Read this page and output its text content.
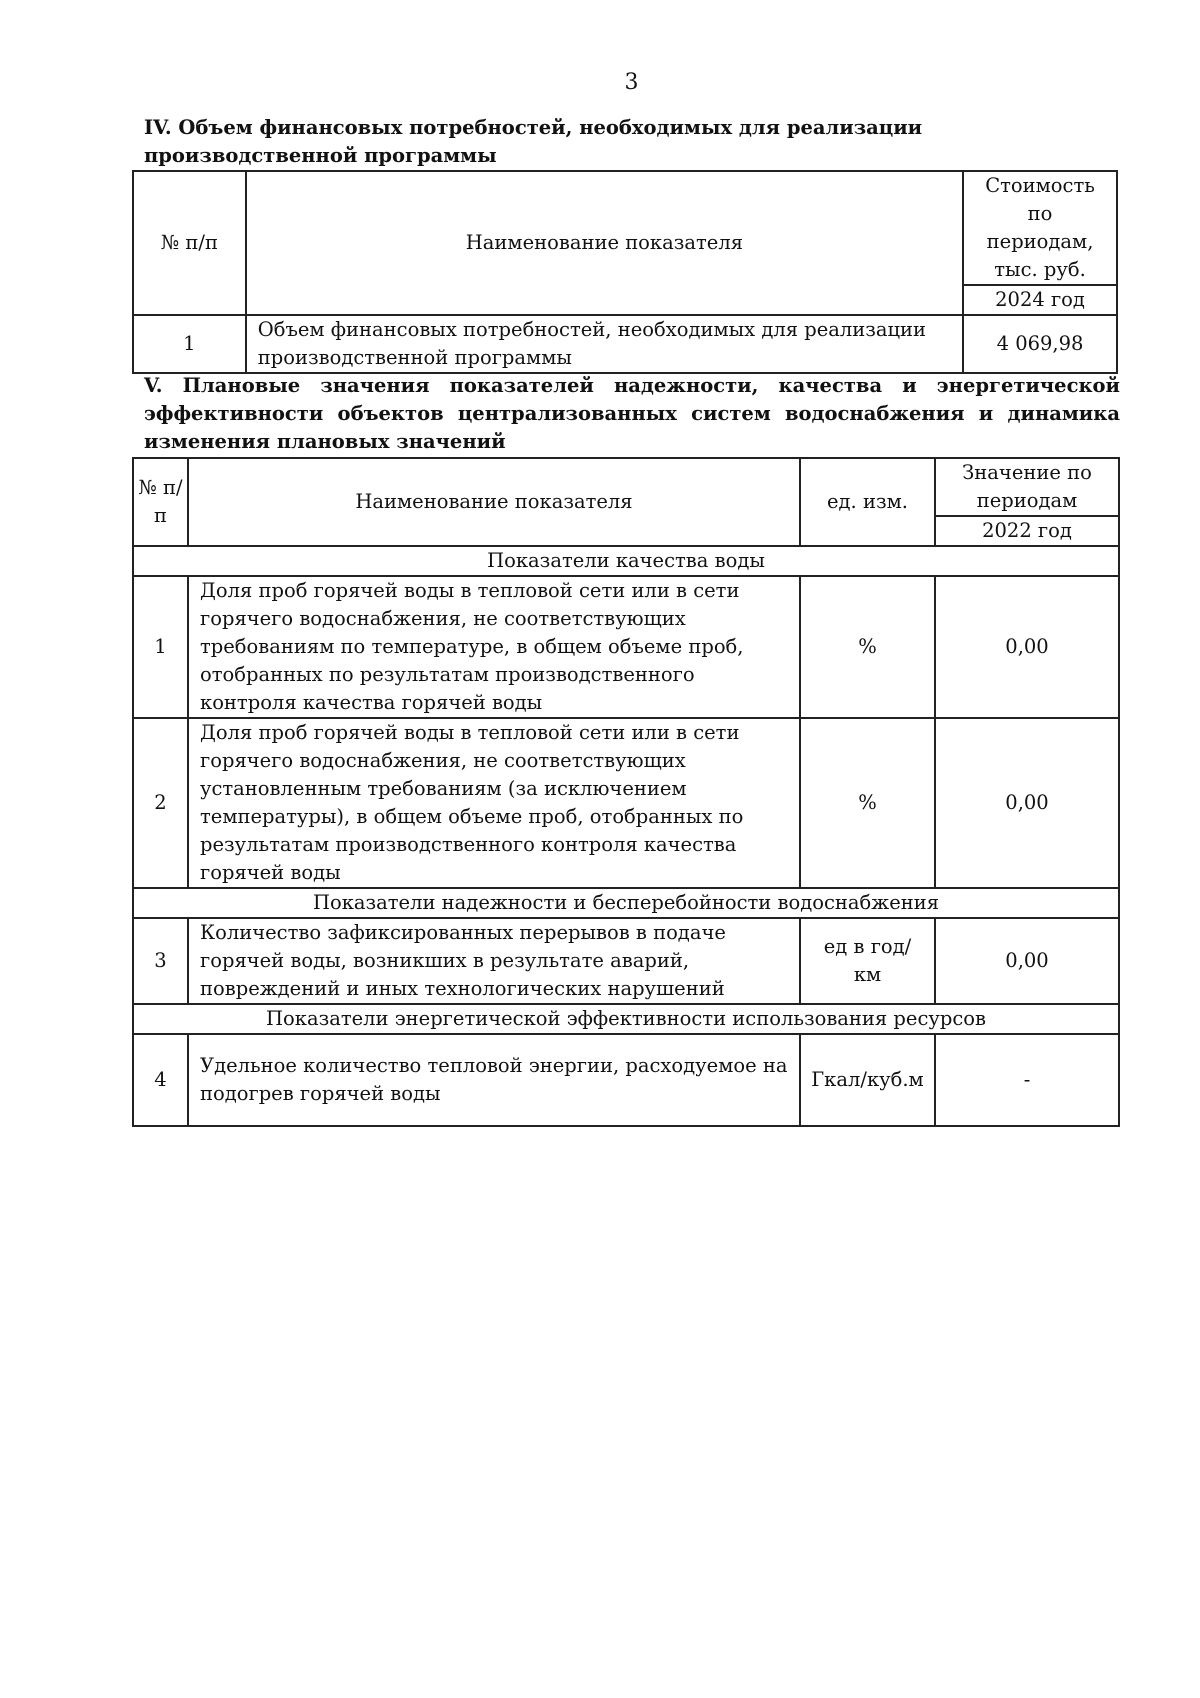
3
IV. Объем финансовых потребностей, необходимых для реализации производственной программы
№ п/п	Наименование показателя	Стоимость по периодам, тыс. руб.
		2024 год
1	Объем финансовых потребностей, необходимых для реализации производственной программы	4 069,98
V. Плановые значения показателей надежности, качества и энергетической эффективности объектов централизованных систем водоснабжения и динамика изменения плановых значений
№ п/п	Наименование показателя	ед. изм.	Значение по периодам
			2022 год
Показатели качества воды			
1	Доля проб горячей воды в тепловой сети или в сети горячего водоснабжения, не соответствующих требованиям по температуре, в общем объеме проб, отобранных по результатам производственного контроля качества горячей воды	%	0,00
2	Доля проб горячей воды в тепловой сети или в сети горячего водоснабжения, не соответствующих установленным требованиям (за исключением температуры), в общем объеме проб, отобранных по результатам производственного контроля качества горячей воды	%	0,00
Показатели надежности и бесперебойности водоснабжения			
3	Количество зафиксированных перерывов в подаче горячей воды, возникших в результате аварий, повреждений и иных технологических нарушений	ед в год/ км	0,00
Показатели энергетической эффективности использования ресурсов			
4	Удельное количество тепловой энергии, расходуемое на подогрев горячей воды	Гкал/куб.м	-
